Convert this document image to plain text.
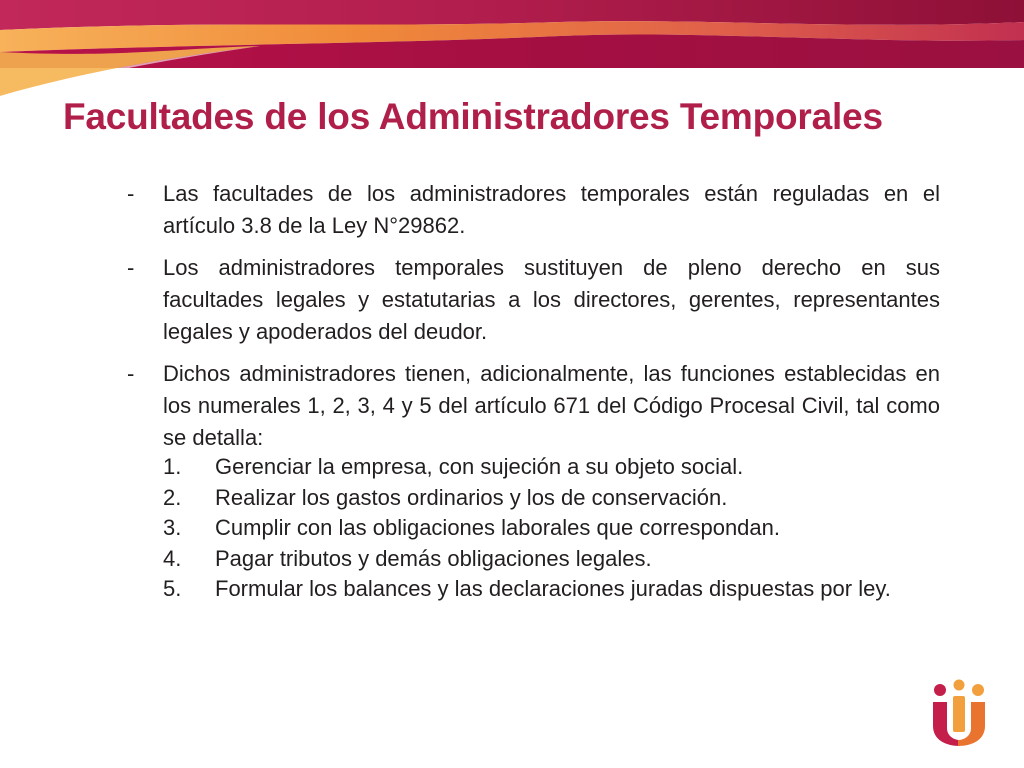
Facultades de los Administradores Temporales
- Las facultades de los administradores temporales están reguladas en el artículo 3.8 de la Ley N°29862.
- Los administradores temporales sustituyen de pleno derecho en sus  facultades legales y estatutarias a los directores, gerentes, representantes legales y apoderados del deudor.
- Dichos administradores tienen, adicionalmente, las funciones establecidas en los numerales 1, 2, 3, 4 y 5 del artículo 671 del Código Procesal Civil, tal como se detalla:
1. Gerenciar la empresa, con sujeción a su objeto social.
2. Realizar los gastos ordinarios y los de conservación.
3. Cumplir con las obligaciones laborales que correspondan.
4. Pagar tributos y demás obligaciones legales.
5. Formular los balances y las declaraciones juradas dispuestas por ley.
